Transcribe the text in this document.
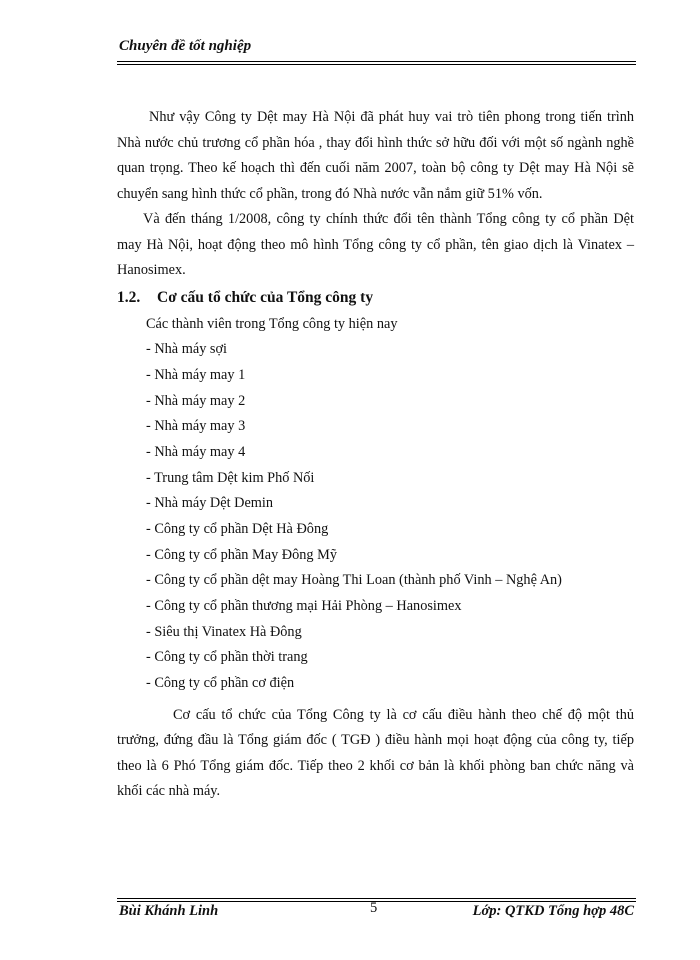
Chuyên đề tốt nghiệp

Như vậy Công ty Dệt may Hà Nội đã phát huy vai trò tiên phong trong tiến trình Nhà nước chủ trương cổ phần hóa , thay đổi hình thức sở hữu đối với một số ngành nghề quan trọng. Theo kế hoạch thì đến cuối năm 2007, toàn bộ công ty Dệt may Hà Nội sẽ chuyển sang hình thức cổ phần, trong đó Nhà nước vẫn nắm giữ 51% vốn.

Và đến tháng 1/2008, công ty chính thức đổi tên thành Tổng công ty cổ phần Dệt may Hà Nội, hoạt động theo mô hình Tổng công ty cổ phần, tên giao dịch là Vinatex – Hanosimex.

1.2. Cơ cấu tổ chức của Tổng công ty
Các thành viên trong Tổng công ty hiện nay
- Nhà máy sợi
- Nhà máy may 1
- Nhà máy may 2
- Nhà máy may 3
- Nhà máy may 4
- Trung tâm Dệt kim Phố Nối
- Nhà máy Dệt Demin
- Công ty cổ phần Dệt Hà Đông
- Công ty cổ phần May Đông Mỹ
- Công ty cổ phần dệt may Hoàng Thi Loan (thành phố Vinh – Nghệ An)
- Công ty cổ phần thương mại Hải Phòng – Hanosimex
- Siêu thị Vinatex Hà Đông
- Công ty cổ phần thời trang
- Công ty cổ phần cơ điện

Cơ cấu tổ chức của Tổng Công ty là cơ cấu điều hành theo chế độ một thủ trưởng, đứng đầu là Tổng giám đốc ( TGĐ ) điều hành mọi hoạt động của công ty, tiếp theo là 6 Phó Tổng giám đốc. Tiếp theo 2 khối cơ bản là khối phòng ban chức năng và khối các nhà máy.

Bùi Khánh Linh	5	Lớp: QTKD Tổng hợp 48C
